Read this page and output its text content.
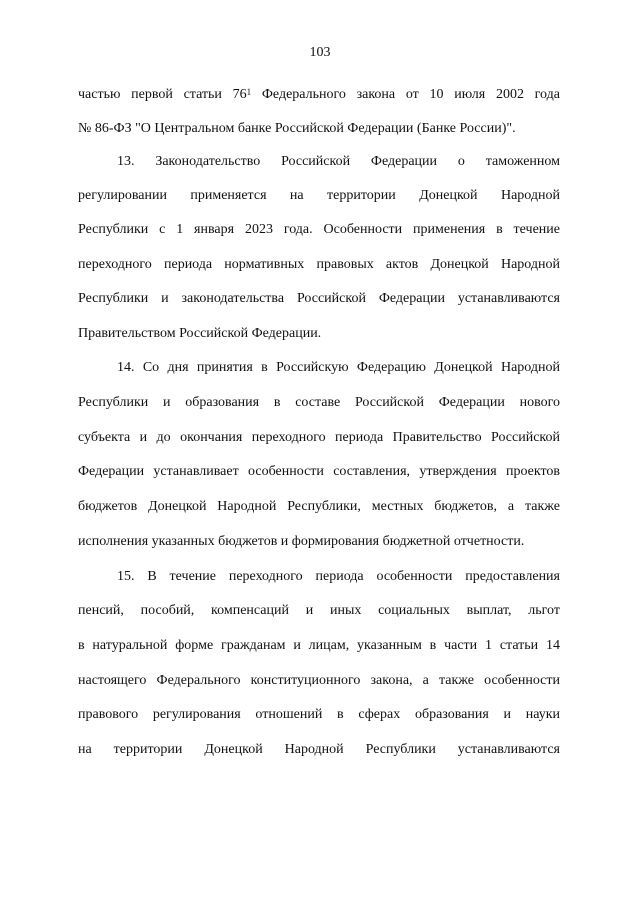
103
частью первой статьи $76^1$ Федерального закона от 10 июля 2002 года
№ 86-ФЗ "О Центральном банке Российской Федерации (Банке России)".
13. Законодательство Российской Федерации о таможенном
регулировании применяется на территории Донецкой Народной
Республики с 1 января 2023 года. Особенности применения в течение
переходного периода нормативных правовых актов Донецкой Народной
Республики и законодательства Российской Федерации устанавливаются
Правительством Российской Федерации.
14. Со дня принятия в Российскую Федерацию Донецкой Народной
Республики и образования в составе Российской Федерации нового
субъекта и до окончания переходного периода Правительство Российской
Федерации устанавливает особенности составления, утверждения проектов
бюджетов Донецкой Народной Республики, местных бюджетов, а также
исполнения указанных бюджетов и формирования бюджетной отчетности.
15. В течение переходного периода особенности предоставления
пенсий, пособий, компенсаций и иных социальных выплат, льгот
в натуральной форме гражданам и лицам, указанным в части 1 статьи 14
настоящего Федерального конституционного закона, а также особенности
правового регулирования отношений в сферах образования и науки
на территории Донецкой Народной Республики устанавливаются
